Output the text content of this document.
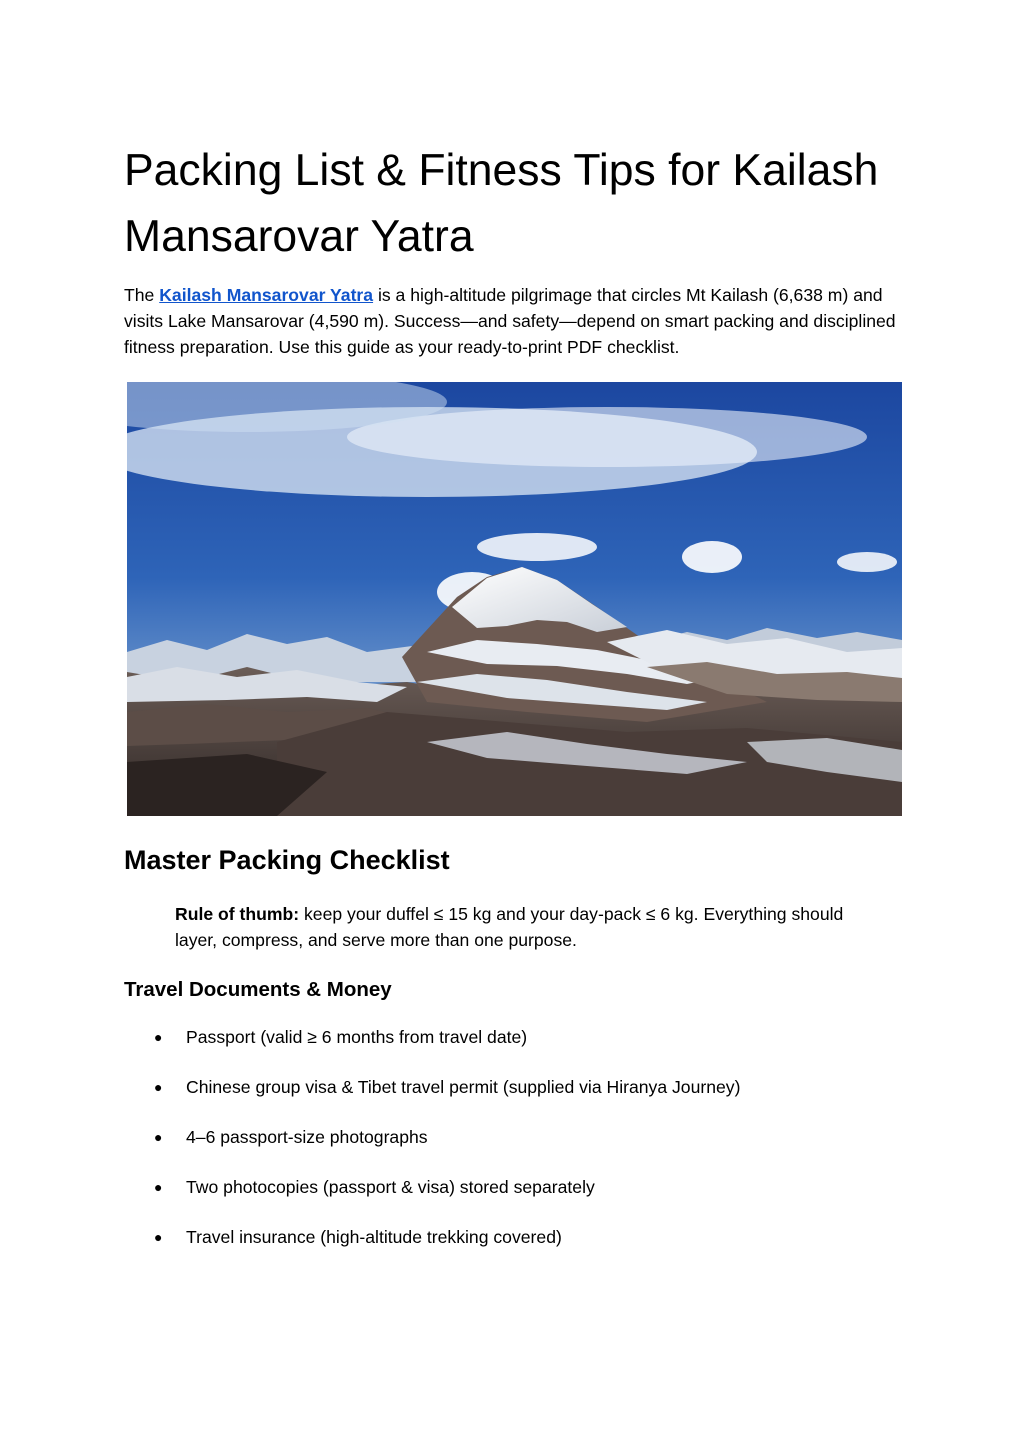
Packing List & Fitness Tips for Kailash Mansarovar Yatra

The Kailash Mansarovar Yatra is a high-altitude pilgrimage that circles Mt Kailash (6,638 m) and visits Lake Mansarovar (4,590 m). Success—and safety—depend on smart packing and disciplined fitness preparation. Use this guide as your ready-to-print PDF checklist.

Master Packing Checklist

Rule of thumb: keep your duffel ≤ 15 kg and your day-pack ≤ 6 kg. Everything should layer, compress, and serve more than one purpose.

Travel Documents & Money
● Passport (valid ≥ 6 months from travel date)
● Chinese group visa & Tibet travel permit (supplied via Hiranya Journey)
● 4–6 passport-size photographs
● Two photocopies (passport & visa) stored separately
● Travel insurance (high-altitude trekking covered)
